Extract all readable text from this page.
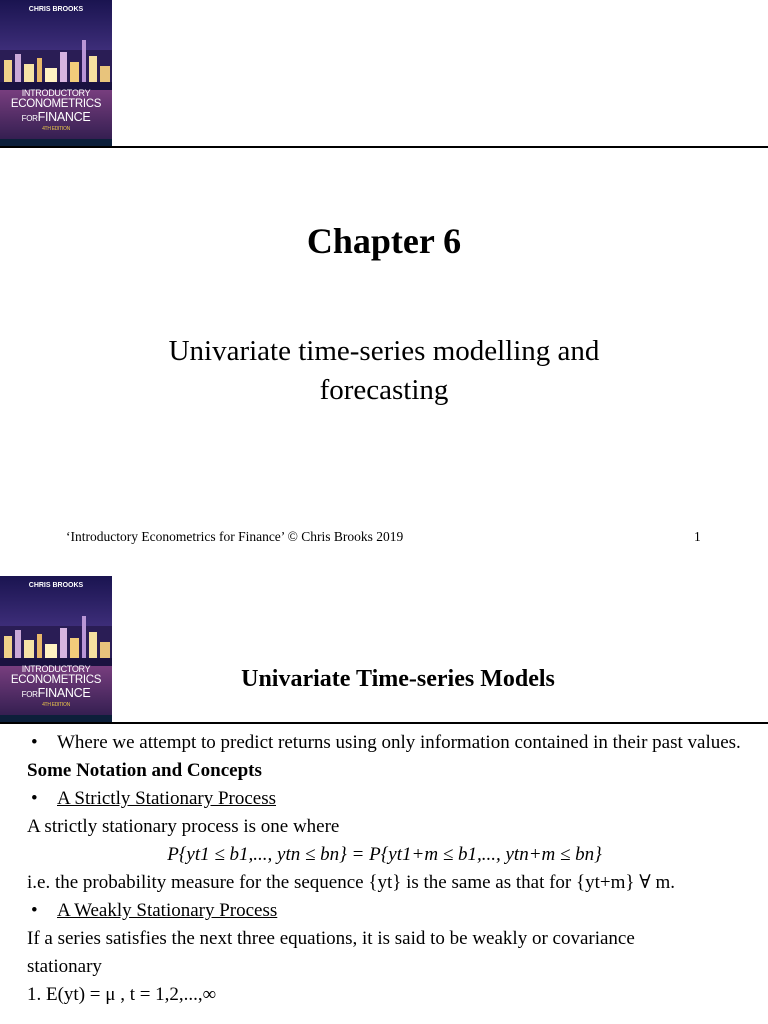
CHRIS BROOKS
INTRODUCTORY
ECONOMETRICS
FORFINANCE
4TH EDITION
Chapter 6
Univariate time-series modelling and
forecasting
‘Introductory Econometrics for Finance’ © Chris Brooks 2019	1
CHRIS BROOKS
INTRODUCTORY
ECONOMETRICS
FORFINANCE
4TH EDITION
Univariate Time-series Models
• Where we attempt to predict returns using only information contained in their past values.
Some Notation and Concepts
• A Strictly Stationary Process
A strictly stationary process is one where
P{yt1 ≤ b1,..., ytn ≤ bn} = P{yt1+m ≤ b1,..., ytn+m ≤ bn}
i.e. the probability measure for the sequence {yt} is the same as that for {yt+m} ∀ m.
• A Weakly Stationary Process
If a series satisfies the next three equations, it is said to be weakly or covariance
stationary
1. E(yt) = μ , t = 1,2,...,∞
